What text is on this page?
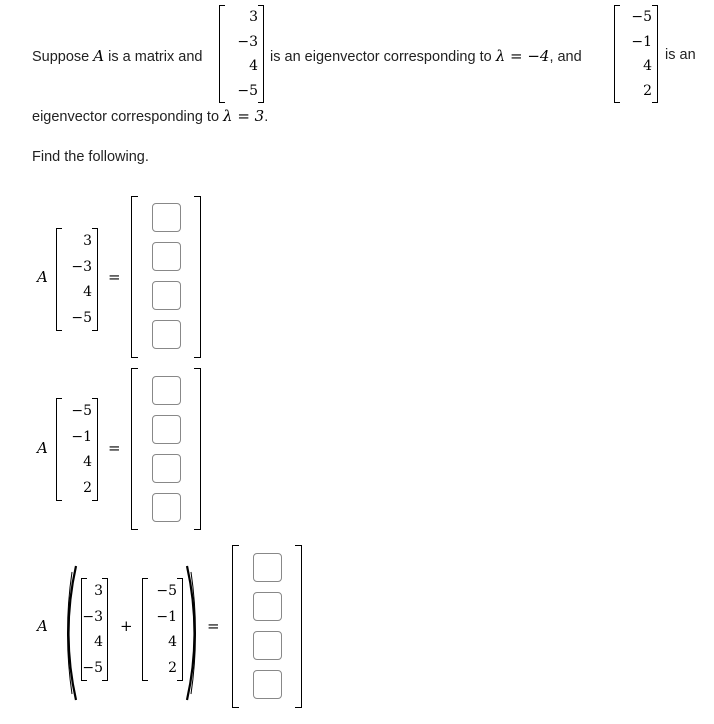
Suppose A is a matrix and
3
−3
4
−5
is an eigenvector corresponding to λ = −4, and
−5
−1
4
2
is an
eigenvector corresponding to λ = 3.
Find the following.
A
3
−3
4
−5
=
A
−5
−1
4
2
=
A
3
−3
4
−5
+
−5
−1
4
2
=
